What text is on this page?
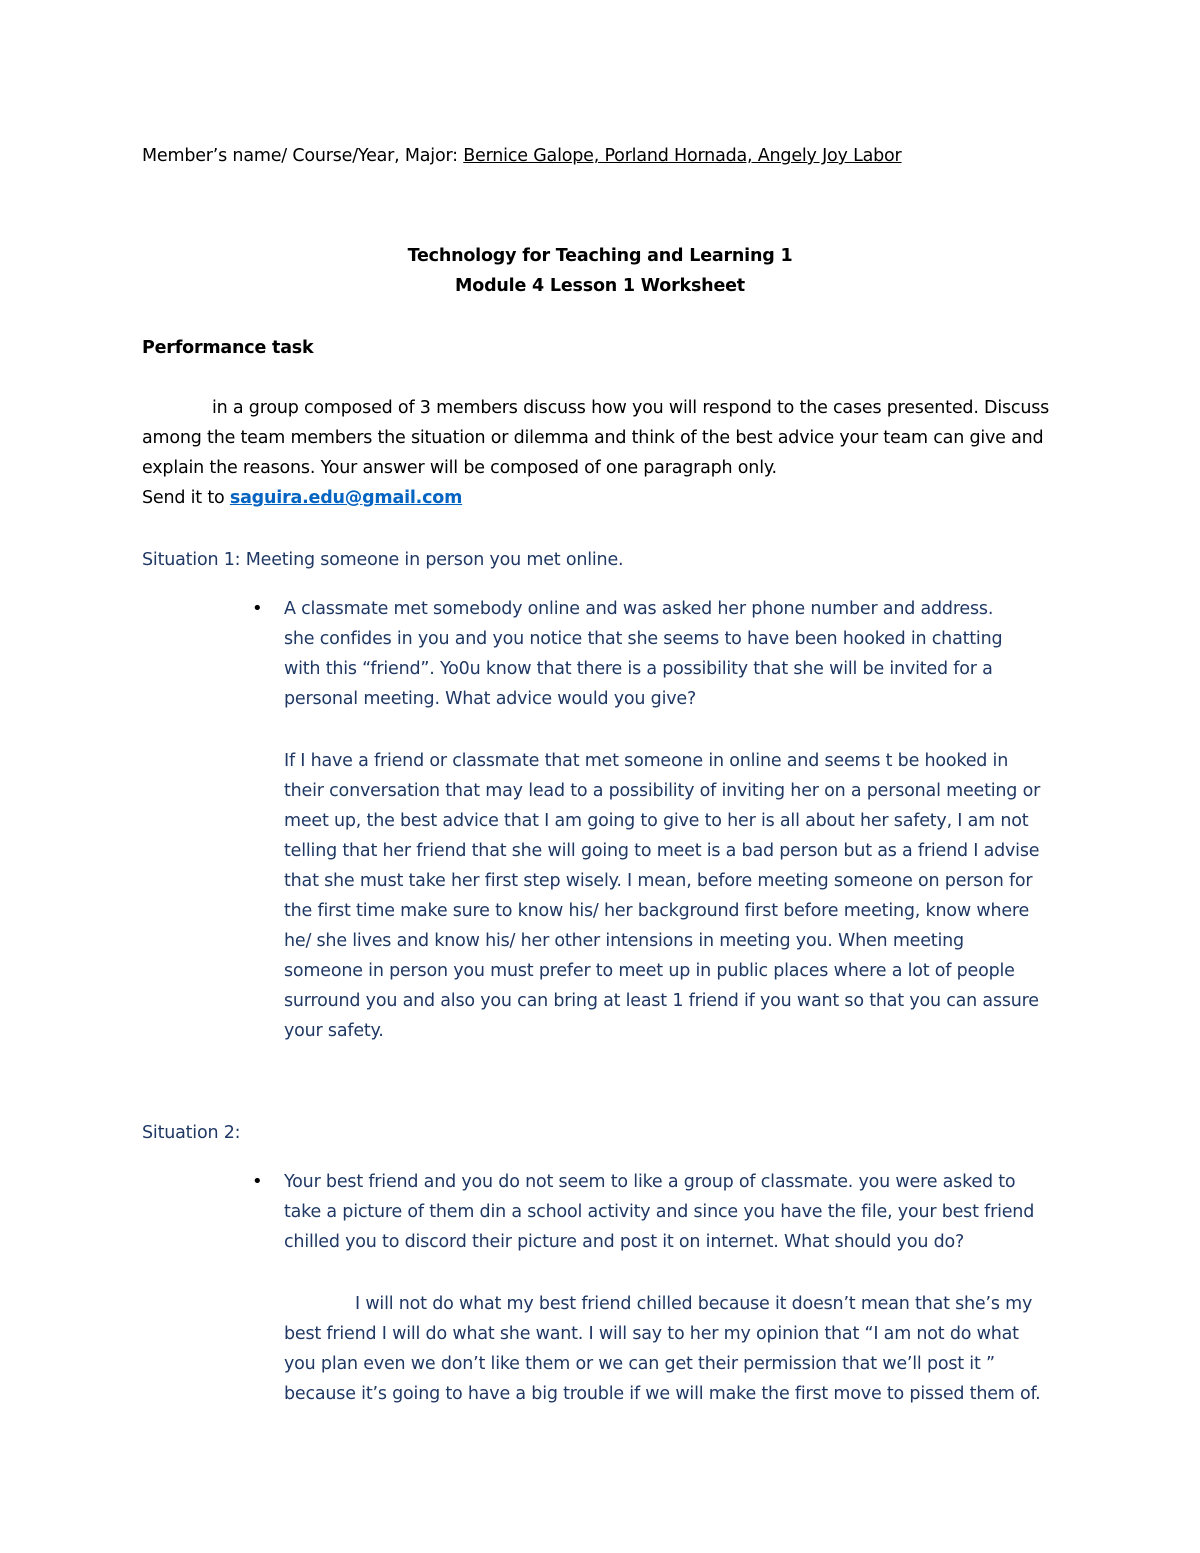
Member’s name/ Course/Year, Major: Bernice Galope, Porland Hornada, Angely Joy Labor
Technology for Teaching and Learning 1
Module 4 Lesson 1 Worksheet
Performance task
in a group composed of 3 members discuss how you will respond to the cases presented. Discuss
among the team members the situation or dilemma and think of the best advice your team can give and
explain the reasons. Your answer will be composed of one paragraph only.
Send it to saguira.edu@gmail.com
Situation 1: Meeting someone in person you met online.
• A classmate met somebody online and was asked her phone number and address.
she confides in you and you notice that she seems to have been hooked in chatting
with this “friend”. Yo0u know that there is a possibility that she will be invited for a
personal meeting. What advice would you give?
If I have a friend or classmate that met someone in online and seems t be hooked in
their conversation that may lead to a possibility of inviting her on a personal meeting or
meet up, the best advice that I am going to give to her is all about her safety, I am not
telling that her friend that she will going to meet is a bad person but as a friend I advise
that she must take her first step wisely. I mean, before meeting someone on person for
the first time make sure to know his/ her background first before meeting, know where
he/ she lives and know his/ her other intensions in meeting you. When meeting
someone in person you must prefer to meet up in public places where a lot of people
surround you and also you can bring at least 1 friend if you want so that you can assure
your safety.
Situation 2:
• Your best friend and you do not seem to like a group of classmate. you were asked to
take a picture of them din a school activity and since you have the file, your best friend
chilled you to discord their picture and post it on internet. What should you do?
I will not do what my best friend chilled because it doesn’t mean that she’s my
best friend I will do what she want. I will say to her my opinion that “I am not do what
you plan even we don’t like them or we can get their permission that we’ll post it ”
because it’s going to have a big trouble if we will make the first move to pissed them of.
